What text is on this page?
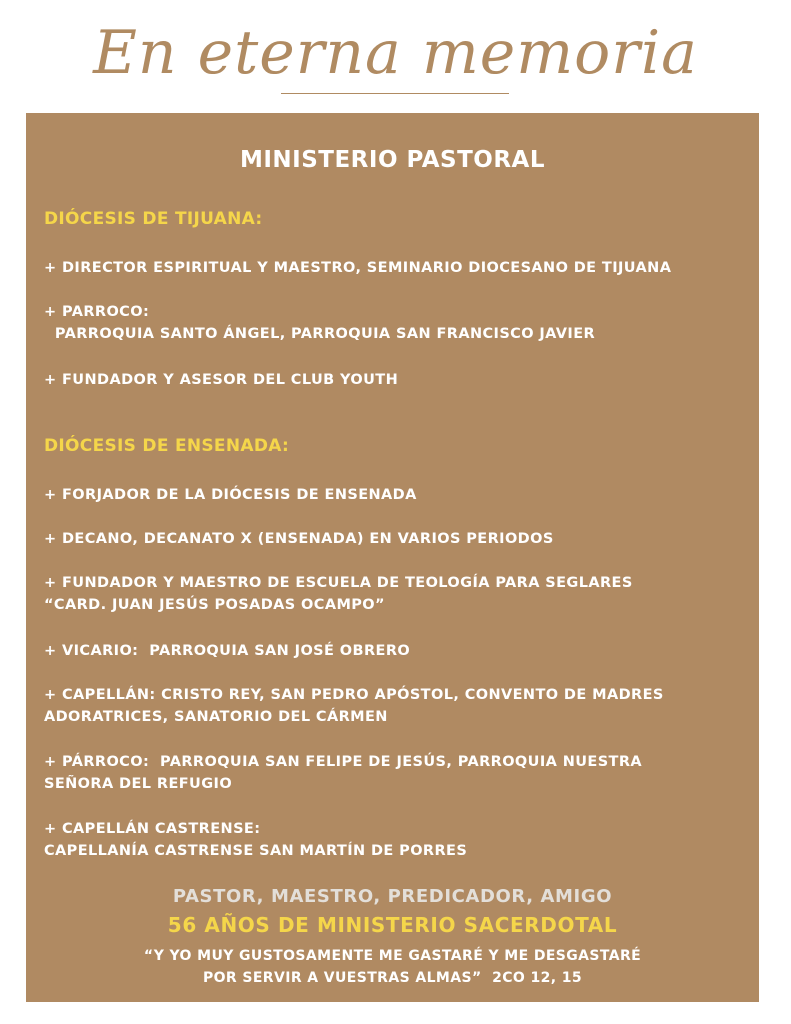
En eterna memoria
MINISTERIO PASTORAL
DIÓCESIS DE TIJUANA:

+ DIRECTOR ESPIRITUAL Y MAESTRO, SEMINARIO DIOCESANO DE TIJUANA

+ PARROCO:
PARROQUIA SANTO ÁNGEL, PARROQUIA SAN FRANCISCO JAVIER

+ FUNDADOR Y ASESOR DEL CLUB YOUTH

DIÓCESIS DE ENSENADA:

+ FORJADOR DE LA DIÓCESIS DE ENSENADA

+ DECANO, DECANATO X (ENSENADA) EN VARIOS PERIODOS

+ FUNDADOR Y MAESTRO DE ESCUELA DE TEOLOGÍA PARA SEGLARES
“CARD. JUAN JESÚS POSADAS OCAMPO”

+ VICARIO:  PARROQUIA SAN JOSÉ OBRERO

+ CAPELLÁN: CRISTO REY, SAN PEDRO APÓSTOL, CONVENTO DE MADRES
ADORATRICES, SANATORIO DEL CÁRMEN

+ PÁRROCO:  PARROQUIA SAN FELIPE DE JESÚS, PARROQUIA NUESTRA
SEÑORA DEL REFUGIO

+ CAPELLÁN CASTRENSE:
CAPELLANÍA CASTRENSE SAN MARTÍN DE PORRES

PASTOR, MAESTRO, PREDICADOR, AMIGO

56 AÑOS DE MINISTERIO SACERDOTAL

“Y YO MUY GUSTOSAMENTE ME GASTARÉ Y ME DESGASTARÉ
POR SERVIR A VUESTRAS ALMAS”  2CO 12, 15
